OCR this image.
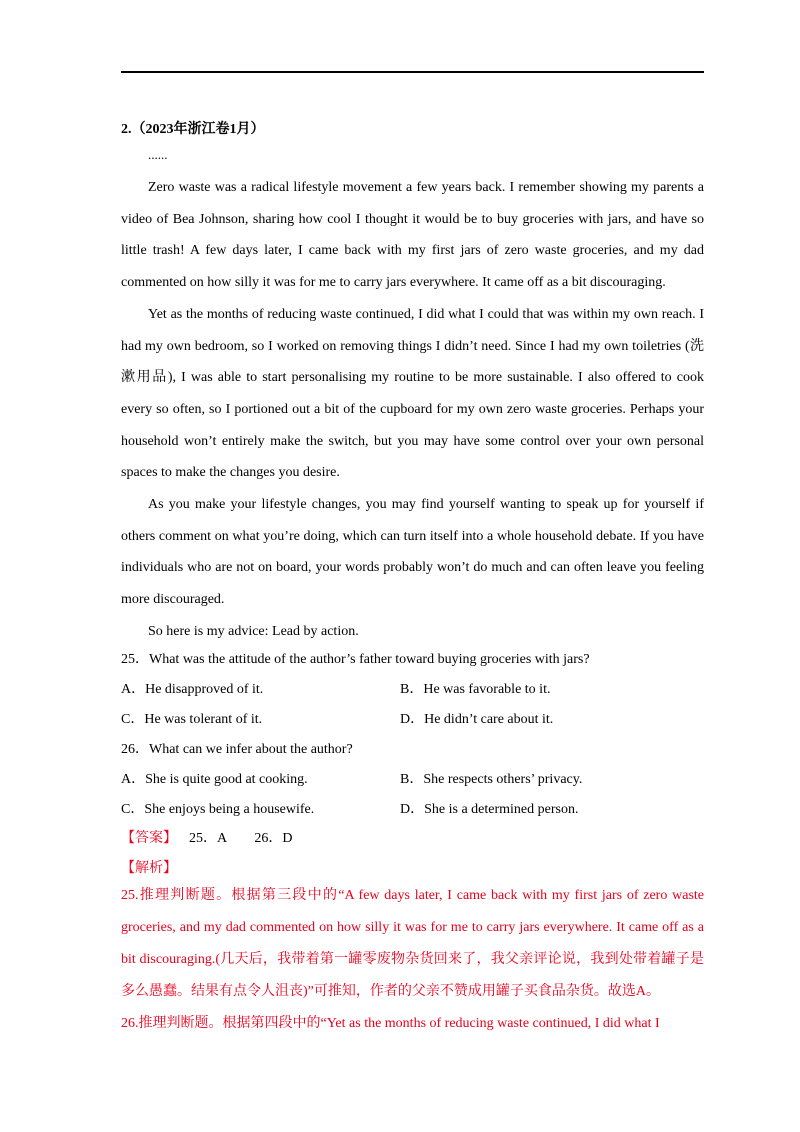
2.（2023年浙江卷1月）
......

Zero waste was a radical lifestyle movement a few years back. I remember showing my parents a video of Bea Johnson, sharing how cool I thought it would be to buy groceries with jars, and have so little trash! A few days later, I came back with my first jars of zero waste groceries, and my dad commented on how silly it was for me to carry jars everywhere. It came off as a bit discouraging.

Yet as the months of reducing waste continued, I did what I could that was within my own reach. I had my own bedroom, so I worked on removing things I didn’t need. Since I had my own toiletries (洗漱用品), I was able to start personalising my routine to be more sustainable. I also offered to cook every so often, so I portioned out a bit of the cupboard for my own zero waste groceries. Perhaps your household won’t entirely make the switch, but you may have some control over your own personal spaces to make the changes you desire.

As you make your lifestyle changes, you may find yourself wanting to speak up for yourself if others comment on what you’re doing, which can turn itself into a whole household debate. If you have individuals who are not on board, your words probably won’t do much and can often leave you feeling more discouraged.

So here is my advice: Lead by action.

25．What was the attitude of the author’s father toward buying groceries with jars?
A．He disapproved of it.	B．He was favorable to it.
C．He was tolerant of it.	D．He didn’t care about it.
26．What can we infer about the author?
A．She is quite good at cooking.	B．She respects others’ privacy.
C．She enjoys being a housewife.	D．She is a determined person.
【答案】 25．A　　26．D
【解析】

25.推理判断题。根据第三段中的“A few days later, I came back with my first jars of zero waste groceries, and my dad commented on how silly it was for me to carry jars everywhere. It came off as a bit discouraging.(几天后，我带着第一罐零废物杂货回来了，我父亲评论说，我到处带着罐子是多么愚蠢。结果有点令人沮丧)”可推知，作者的父亲不赞成用罐子买食品杂货。故选A。

26.推理判断题。根据第四段中的“Yet as the months of reducing waste continued, I did what I
